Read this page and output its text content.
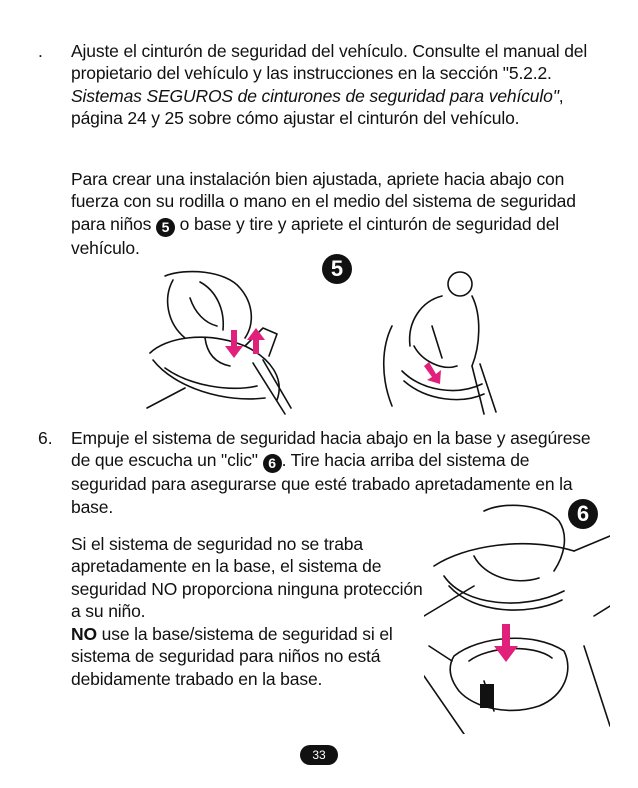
. Ajuste el cinturón de seguridad del vehículo. Consulte el manual del propietario del vehículo y las instrucciones en la sección "5.2.2. Sistemas SEGUROS de cinturones de seguridad para vehículo", página 24 y 25 sobre cómo ajustar el cinturón del vehículo.

Para crear una instalación bien ajustada, apriete hacia abajo con fuerza con su rodilla o mano en el medio del sistema de seguridad para niños 5 o base y tire y apriete el cinturón de seguridad del vehículo.

5

6. Empuje el sistema de seguridad hacia abajo en la base y asegúrese de que escucha un "clic" 6 . Tire hacia arriba del sistema de seguridad para asegurarse que esté trabado apretadamente en la base.

Si el sistema de seguridad no se traba apretadamente en la base, el sistema de seguridad NO proporciona ninguna protección a su niño.

NO use la base/sistema de seguridad si el sistema de seguridad para niños no está debidamente trabado en la base.

6
33
